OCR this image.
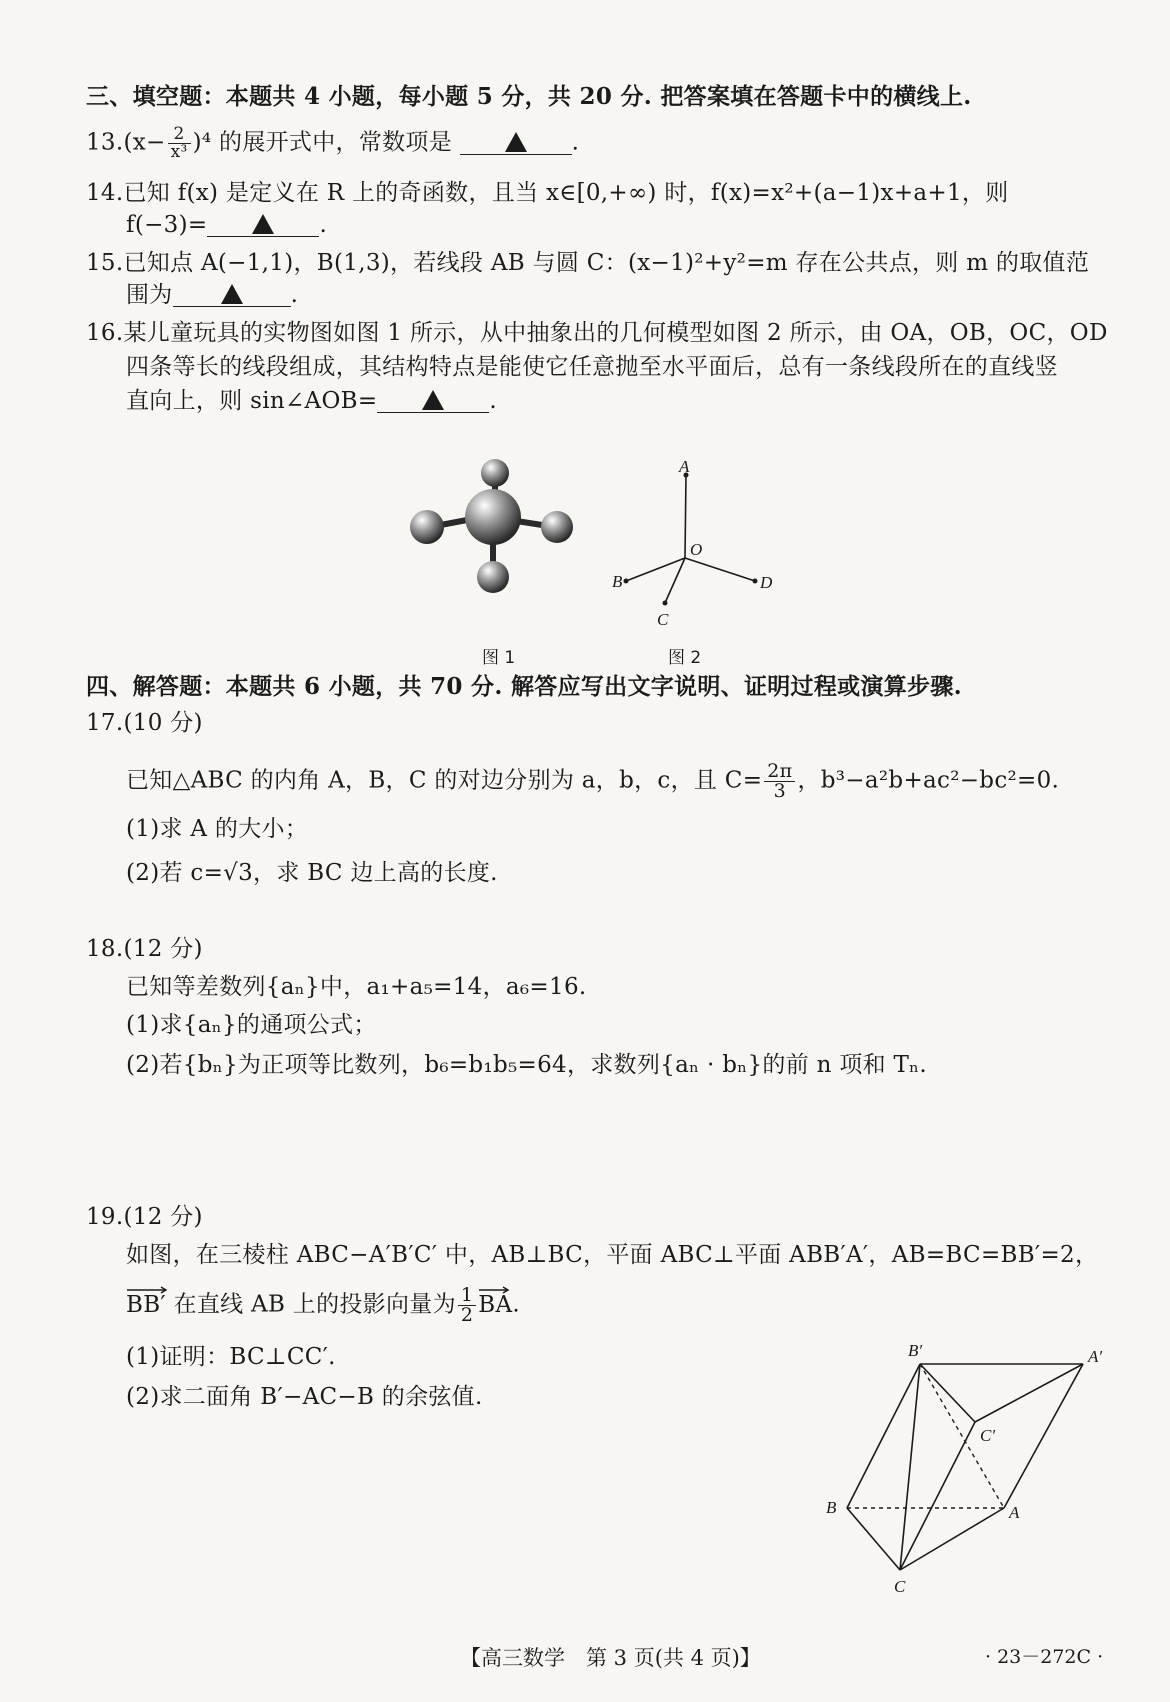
三、填空题：本题共 4 小题，每小题 5 分，共 20 分. 把答案填在答题卡中的横线上.
$13.(x- \frac{2}{\text{x³}} )^4$ 的展开式中，常数项是	.
14.已知 f(x) 是定义在 R 上的奇函数，且当 x∈[0,+∞) 时，f(x)=x²+(a−1)x+a+1，则
f(−3)=	.
15.已知点 A(−1,1)，B(1,3)，若线段 AB 与圆 C：(x−1)²+y²=m 存在公共点，则 m 的取值范
围为	.
16.某儿童玩具的实物图如图 1 所示，从中抽象出的几何模型如图 2 所示，由 OA，OB，OC，OD
四条等长的线段组成，其结构特点是能使它任意抛至水平面后，总有一条线段所在的直线竖
直向上，则 sin∠AOB=	.
图 1
A
O
B
C
D
图 2
四、解答题：本题共 6 小题，共 70 分. 解答应写出文字说明、证明过程或演算步骤.
17.(10 分)
已知△ABC 的内角 A，B，C 的对边分别为 a，b，c，且 $C= \frac{2\pi}{3}$ ，b³−a²b+ac²−bc²=0.
(1)求 A 的大小；
(2)若 c=√3，求 BC 边上高的长度.
18.(12 分)
已知等差数列{aₙ}中，a₁+a₅=14，a₆=16.
(1)求{aₙ}的通项公式；
(2)若{bₙ}为正项等比数列，b₆=b₁b₅=64，求数列{aₙ · bₙ}的前 n 项和 Tₙ.
19.(12 分)
如图，在三棱柱 ABC−A′B′C′ 中，AB⊥BC，平面 ABC⊥平面 ABB′A′，AB=BC=BB′=2，
BB′
在直线 AB 上的投影向量为 $\frac{1}{2}$ BA
.
(1)证明：BC⊥CC′.
(2)求二面角 B′−AC−B 的余弦值.
B′	A′
C′
B	A
C
【高三数学　第 3 页(共 4 页)】	· 23－272C ·
